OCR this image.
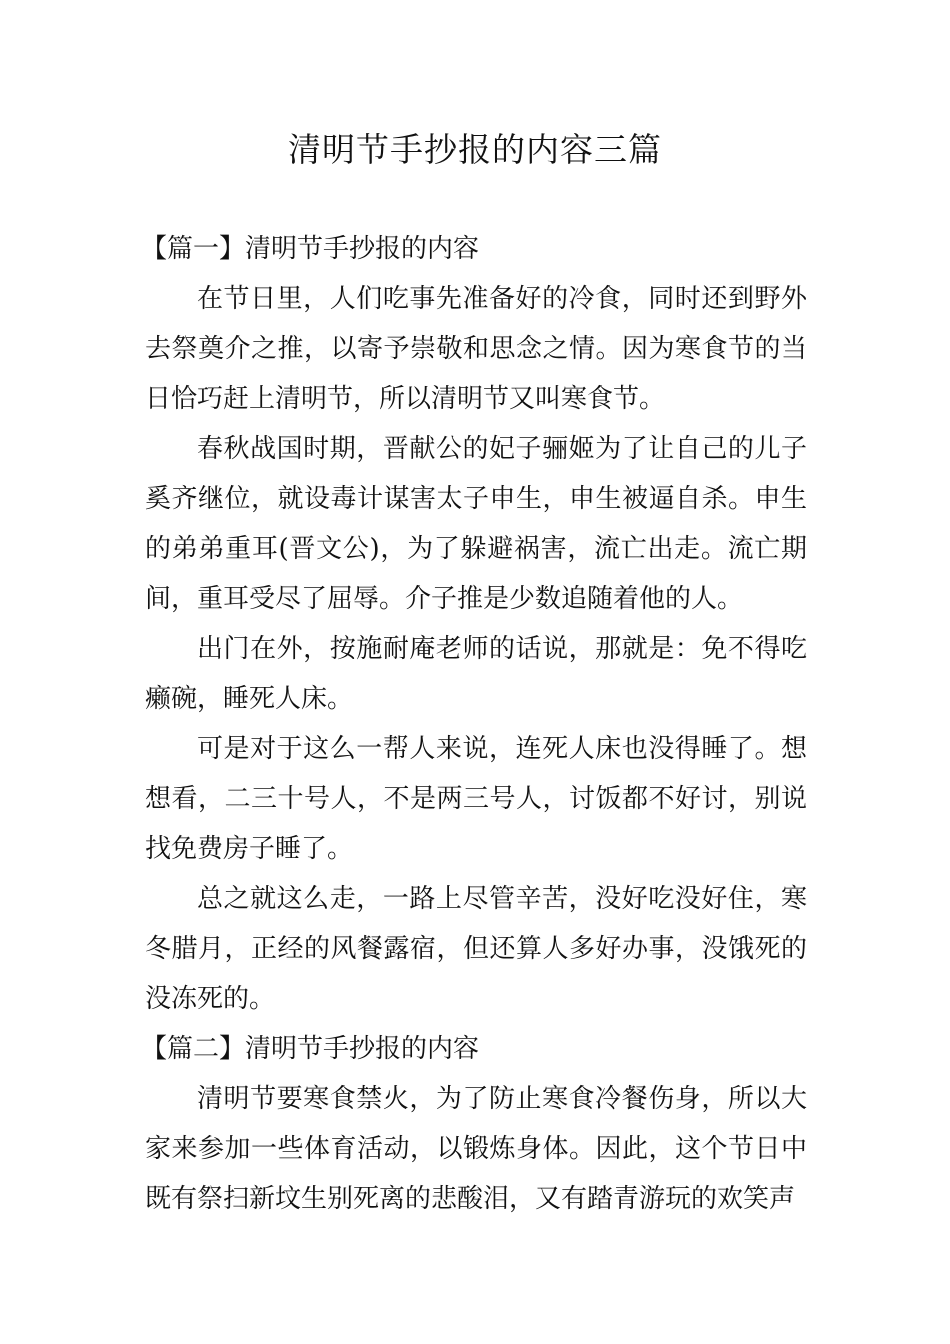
清明节手抄报的内容三篇
【篇一】清明节手抄报的内容

在节日里，人们吃事先准备好的冷食，同时还到野外去祭奠介之推，以寄予崇敬和思念之情。因为寒食节的当日恰巧赶上清明节，所以清明节又叫寒食节。

春秋战国时期，晋献公的妃子骊姬为了让自己的儿子奚齐继位，就设毒计谋害太子申生，申生被逼自杀。申生的弟弟重耳(晋文公)，为了躲避祸害，流亡出走。流亡期间，重耳受尽了屈辱。介子推是少数追随着他的人。

出门在外，按施耐庵老师的话说，那就是：免不得吃癞碗，睡死人床。

可是对于这么一帮人来说，连死人床也没得睡了。想想看，二三十号人，不是两三号人，讨饭都不好讨，别说找免费房子睡了。

总之就这么走，一路上尽管辛苦，没好吃没好住，寒冬腊月，正经的风餐露宿，但还算人多好办事，没饿死的没冻死的。

【篇二】清明节手抄报的内容

清明节要寒食禁火，为了防止寒食冷餐伤身，所以大家来参加一些体育活动，以锻炼身体。因此，这个节日中既有祭扫新坟生别死离的悲酸泪，又有踏青游玩的欢笑声
